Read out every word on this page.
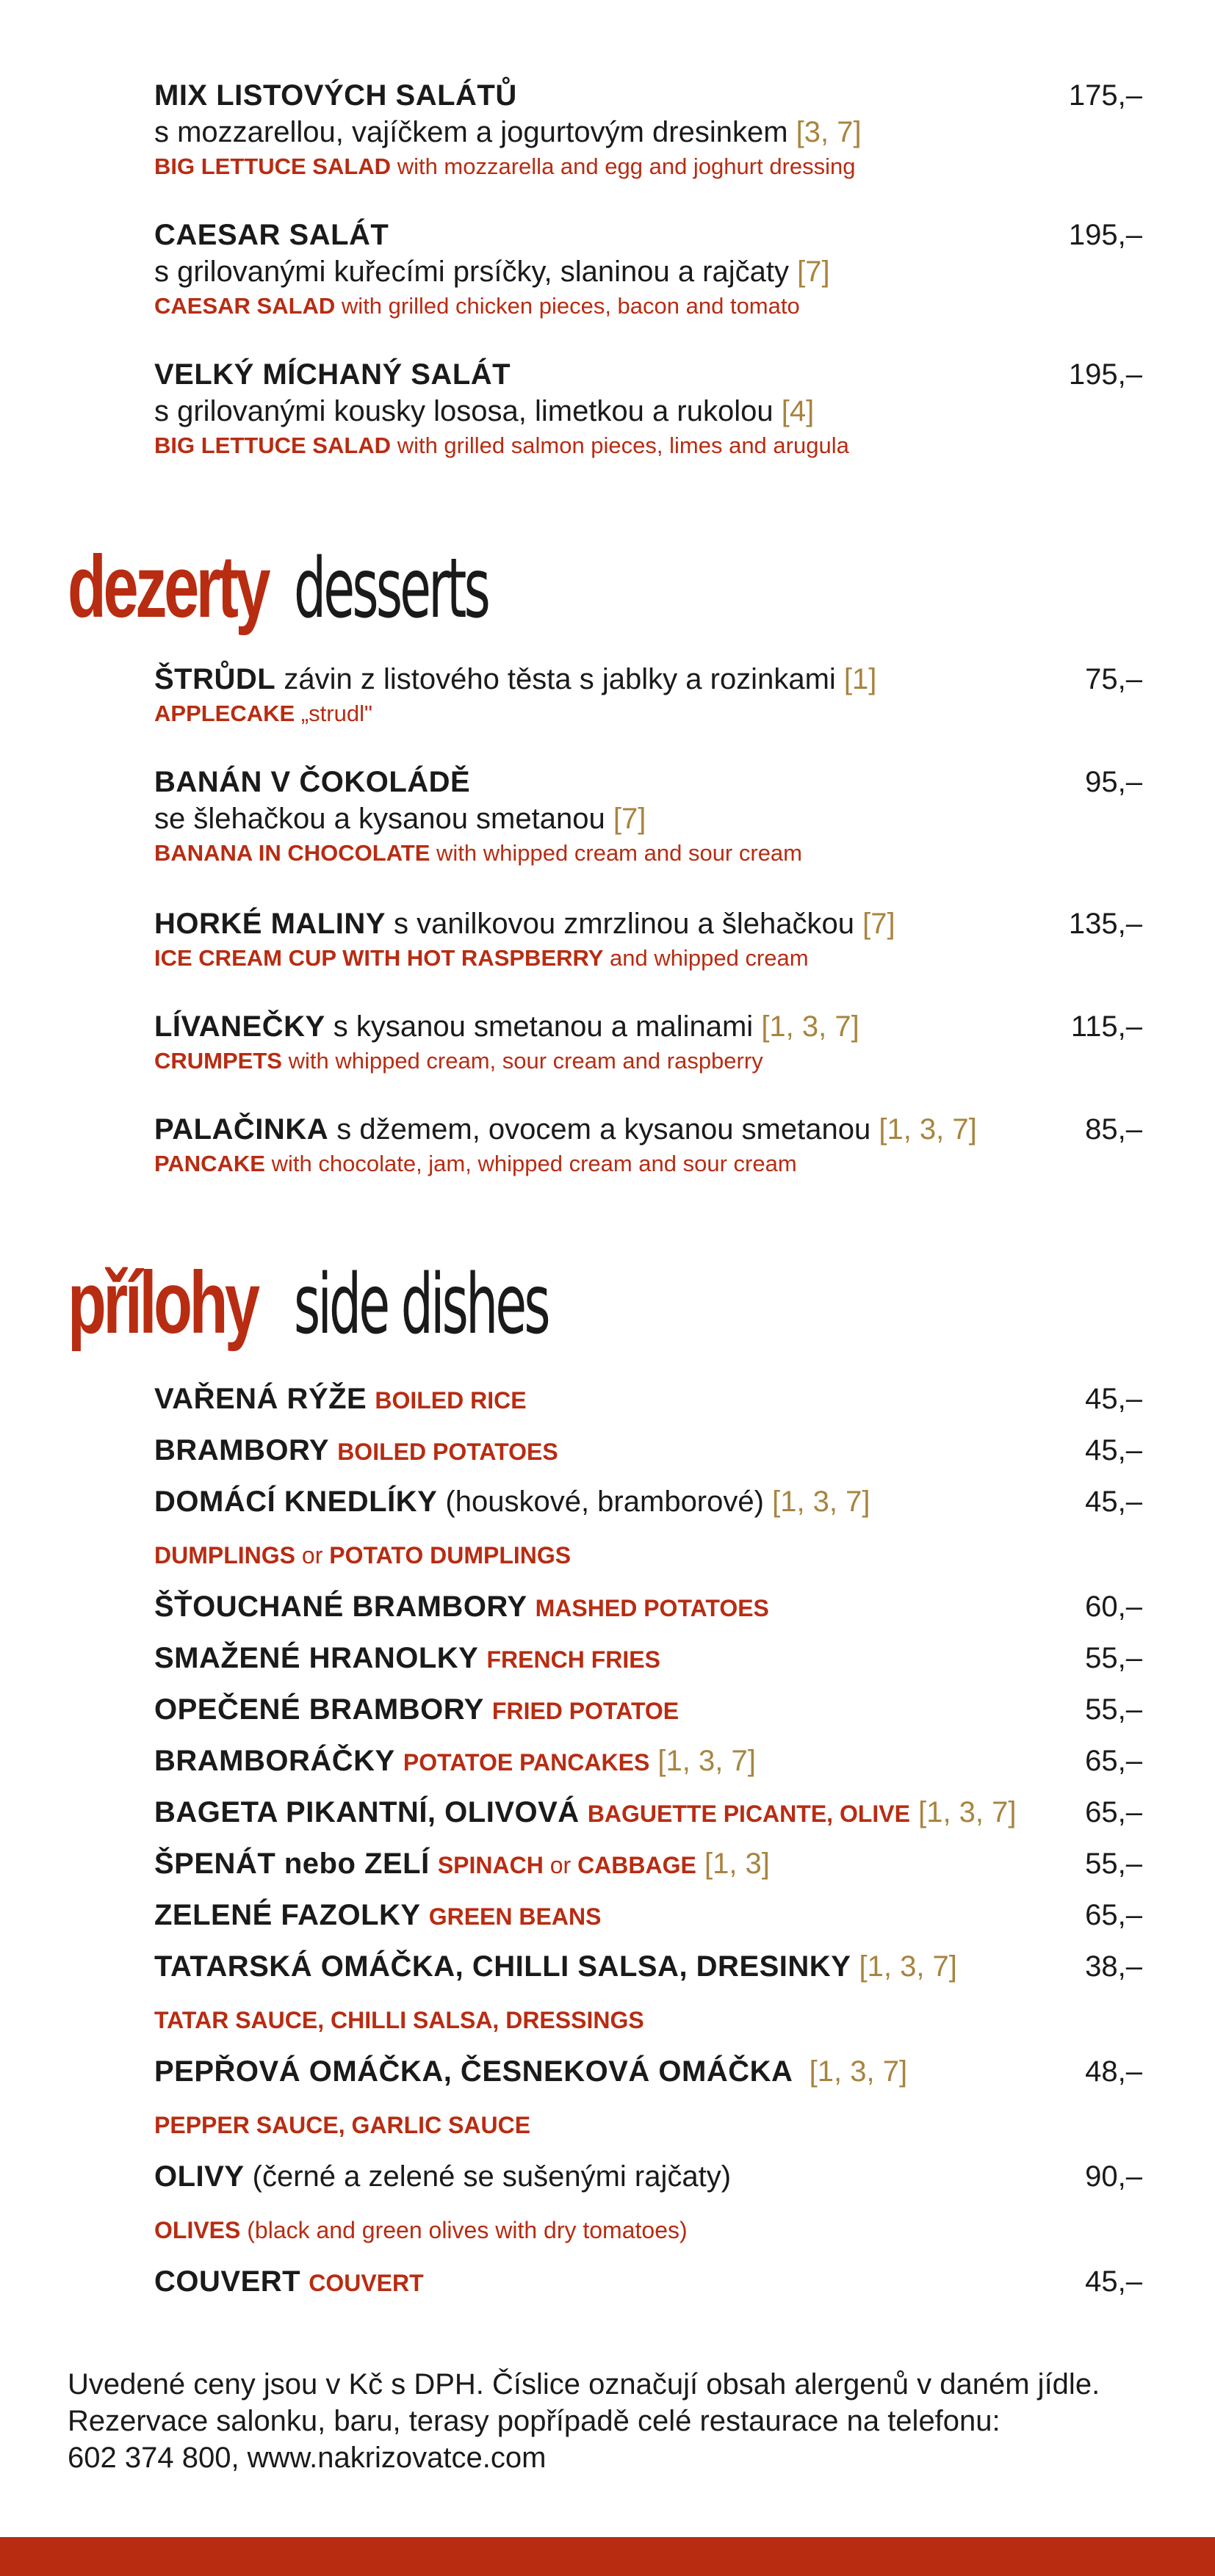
MIX LISTOVÝCH SALÁTŮ	175,–
s mozzarellou, vajíčkem a jogurtovým dresinkem [3, 7]
BIG LETTUCE SALAD with mozzarella and egg and joghurt dressing
CAESAR SALÁT	195,–
s grilovanými kuřecími prsíčky, slaninou a rajčaty [7]
CAESAR SALAD with grilled chicken pieces, bacon and tomato
VELKÝ MÍCHANÝ SALÁT	195,–
s grilovanými kousky lososa, limetkou a rukolou [4]
BIG LETTUCE SALAD with grilled salmon pieces, limes and arugula
dezerty desserts
ŠTRŮDL závin z listového těsta s jablky a rozinkami [1]	75,–
APPLECAKE „strudl"
BANÁN V ČOKOLÁDĚ	95,–
se šlehačkou a kysanou smetanou [7]
BANANA IN CHOCOLATE with whipped cream and sour cream
HORKÉ MALINY s vanilkovou zmrzlinou a šlehačkou [7]	135,–
ICE CREAM CUP WITH HOT RASPBERRY and whipped cream
LÍVANEČKY s kysanou smetanou a malinami [1, 3, 7]	115,–
CRUMPETS with whipped cream, sour cream and raspberry
PALAČINKA s džemem, ovocem a kysanou smetanou [1, 3, 7]	85,–
PANCAKE with chocolate, jam, whipped cream and sour cream
přílohy side dishes
VAŘENÁ RÝŽE BOILED RICE	45,–
BRAMBORY BOILED POTATOES	45,–
DOMÁCÍ KNEDLÍKY (houskové, bramborové) [1, 3, 7]	45,–
DUMPLINGS or POTATO DUMPLINGS
ŠŤOUCHANÉ BRAMBORY MASHED POTATOES	60,–
SMAŽENÉ HRANOLKY FRENCH FRIES	55,–
OPEČENÉ BRAMBORY FRIED POTATOE	55,–
BRAMBORÁČKY POTATOE PANCAKES [1, 3, 7]	65,–
BAGETA PIKANTNÍ, OLIVOVÁ BAGUETTE PICANTE, OLIVE [1, 3, 7] 65,–
ŠPENÁT nebo ZELÍ SPINACH or CABBAGE [1, 3]	55,–
ZELENÉ FAZOLKY GREEN BEANS	65,–
TATARSKÁ OMÁČKA, CHILLI SALSA, DRESINKY [1, 3, 7]	38,–
TATAR SAUCE, CHILLI SALSA, DRESSINGS
PEPŘOVÁ OMÁČKA, ČESNEKOVÁ OMÁČKA [1, 3, 7]	48,–
PEPPER SAUCE, GARLIC SAUCE
OLIVY (černé a zelené se sušenými rajčaty)	90,–
OLIVES (black and green olives with dry tomatoes)
COUVERT COUVERT	45,–
Uvedené ceny jsou v Kč s DPH. Číslice označují obsah alergenů v daném jídle.
Rezervace salonku, baru, terasy popřípadě celé restaurace na telefonu:
602 374 800, www.nakrizovatce.com
